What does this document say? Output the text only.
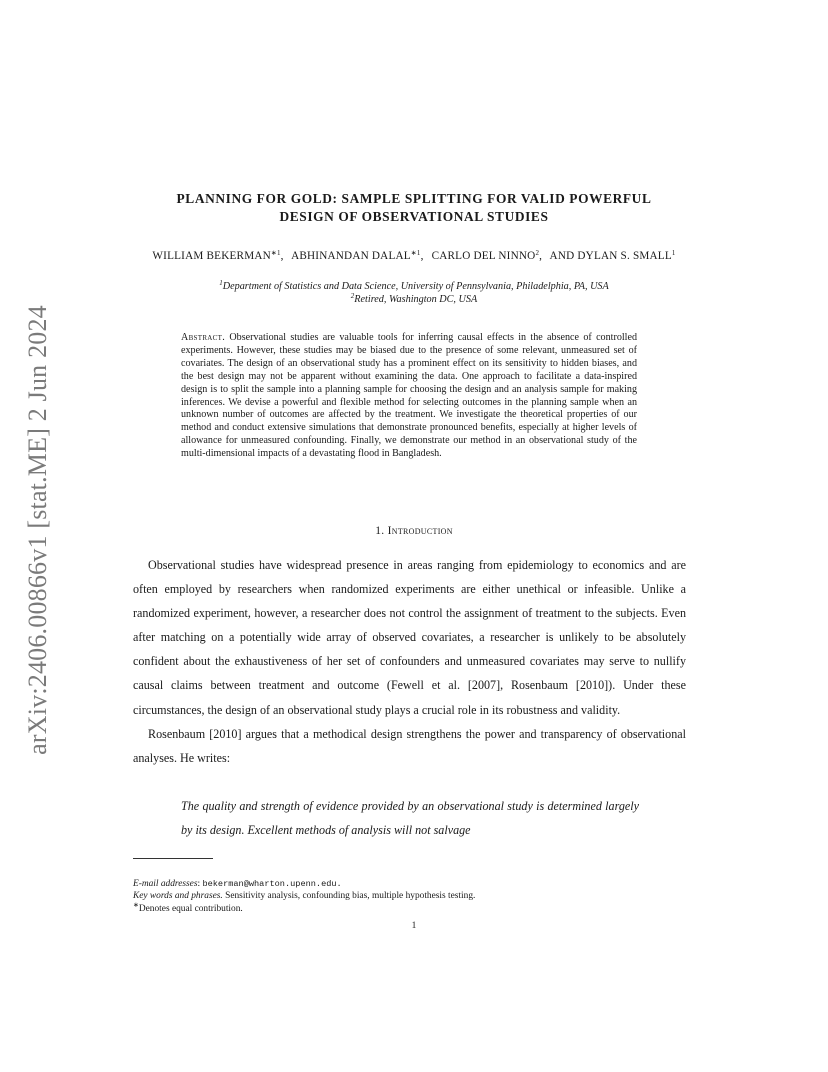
arXiv:2406.00866v1 [stat.ME] 2 Jun 2024
PLANNING FOR GOLD: SAMPLE SPLITTING FOR VALID POWERFUL
DESIGN OF OBSERVATIONAL STUDIES
WILLIAM $BEKERMAN^{∗1}$, ABHINANDAN $DALAL^{∗1}$, CARLO DEL NINNO$^2$, AND DYLAN S. SMALL$^1$
$^1$Department of Statistics and Data Science, University of Pennsylvania, Philadelphia, PA, USA
$^2$Retired, Washington DC, USA
Abstract. Observational studies are valuable tools for inferring causal effects in the absence of controlled experiments. However, these studies may be biased due to the presence of some relevant, unmeasured set of covariates. The design of an observational study has a prominent effect on its sensitivity to hidden biases, and the best design may not be apparent without examining the data. One approach to facilitate a data-inspired design is to split the sample into a planning sample for choosing the design and an analysis sample for making inferences. We devise a powerful and flexible method for selecting outcomes in the planning sample when an unknown number of outcomes are affected by the treatment. We investigate the theoretical properties of our method and conduct extensive simulations that demonstrate pronounced benefits, especially at higher levels of allowance for unmeasured confounding. Finally, we demonstrate our method in an observational study of the multi-dimensional impacts of a devastating flood in Bangladesh.
1. Introduction

Observational studies have widespread presence in areas ranging from epidemiology to economics and are often employed by researchers when randomized experiments are either unethical or infeasible. Unlike a randomized experiment, however, a researcher does not control the assignment of treatment to the subjects. Even after matching on a potentially wide array of observed covariates, a researcher is unlikely to be absolutely confident about the exhaustiveness of her set of confounders and unmeasured covariates may serve to nullify causal claims between treatment and outcome (Fewell et al. [2007], Rosenbaum [2010]). Under these circumstances, the design of an observational study plays a crucial role in its robustness and validity.

Rosenbaum [2010] argues that a methodical design strengthens the power and transparency of observational analyses. He writes:

The quality and strength of evidence provided by an observational study is determined largely by its design. Excellent methods of analysis will not salvage
E-mail addresses: bekerman@wharton.upenn.edu.
Key words and phrases. Sensitivity analysis, confounding bias, multiple hypothesis testing.
∗Denotes equal contribution.
1
